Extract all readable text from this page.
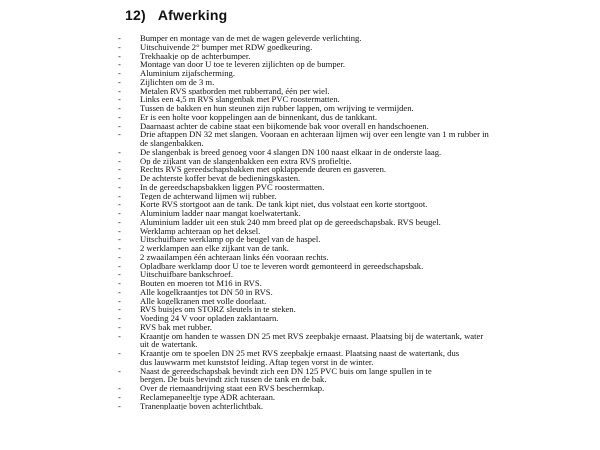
12) Afwerking
- Bumper en montage van de met de wagen geleverde verlichting.
- Uitschuivende 2° bumper met RDW goedkeuring.
- Trekhaakje op de achterbumper.
- Montage van door U toe te leveren zijlichten op de bumper.
- Aluminium zijafscherming.
- Zijlichten om de 3 m.
- Metalen RVS spatborden met rubberrand, één per wiel.
- Links een 4,5 m RVS slangenbak met PVC roostermatten.
- Tussen de bakken en hun steunen zijn rubber lappen, om wrijving te vermijden.
- Er is een holte voor koppelingen aan de binnenkant, dus de tankkant.
- Daarnaast achter de cabine staat een bijkomende bak voor overall en handschoenen.
- Drie aftappen DN 32 met slangen. Vooraan en achteraan lijmen wij over een lengte van 1 m rubber in
de slangenbakken.
- De slangenbak is breed genoeg voor 4 slangen DN 100 naast elkaar in de onderste laag.
- Op de zijkant van de slangenbakken een extra RVS profieltje.
- Rechts RVS gereedschapsbakken met opklappende deuren en gasveren.
- De achterste koffer bevat de bedieningskasten.
- In de gereedschapsbakken liggen PVC roostermatten.
- Tegen de achterwand lijmen wij rubber.
- Korte RVS stortgoot aan de tank. De tank kipt niet, dus volstaat een korte stortgoot.
- Aluminium ladder naar mangat koelwatertank.
- Aluminium ladder uit een stuk 240 mm breed plat op de gereedschapsbak. RVS beugel.
- Werklamp achteraan op het deksel.
- Uitschuifbare werklamp op de beugel van de haspel.
- 2 werklampen aan elke zijkant van de tank.
- 2 zwaailampen één achteraan links één vooraan rechts.
- Opladbare werklamp door U toe te leveren wordt gemonteerd in gereedschapsbak.
- Uitschuifbare bankschroef.
- Bouten en moeren tot M16 in RVS.
- Alle kogelkraantjes tot DN 50 in RVS.
- Alle kogelkranen met volle doorlaat.
- RVS buisjes om STORZ sleutels in te steken.
- Voeding 24 V voor opladen zaklantaarn.
- RVS bak met rubber.
- Kraantje om handen te wassen DN 25 met RVS zeepbakje ernaast. Plaatsing bij de watertank, water
uit de watertank.
- Kraantje om te spoelen DN 25 met RVS zeepbakje ernaast. Plaatsing naast de watertank, dus
dus lauwwarm met kunststof leiding. Aftap tegen vorst in de winter.
- Naast de gereedschapsbak bevindt zich een DN 125 PVC buis om lange spullen in te
bergen. De buis bevindt zich tussen de tank en de bak.
- Over de riemaandrijving staat een RVS beschermkap.
- Reclamepaneeltje type ADR achteraan.
- Tranenplaatje boven achterlichtbak.
